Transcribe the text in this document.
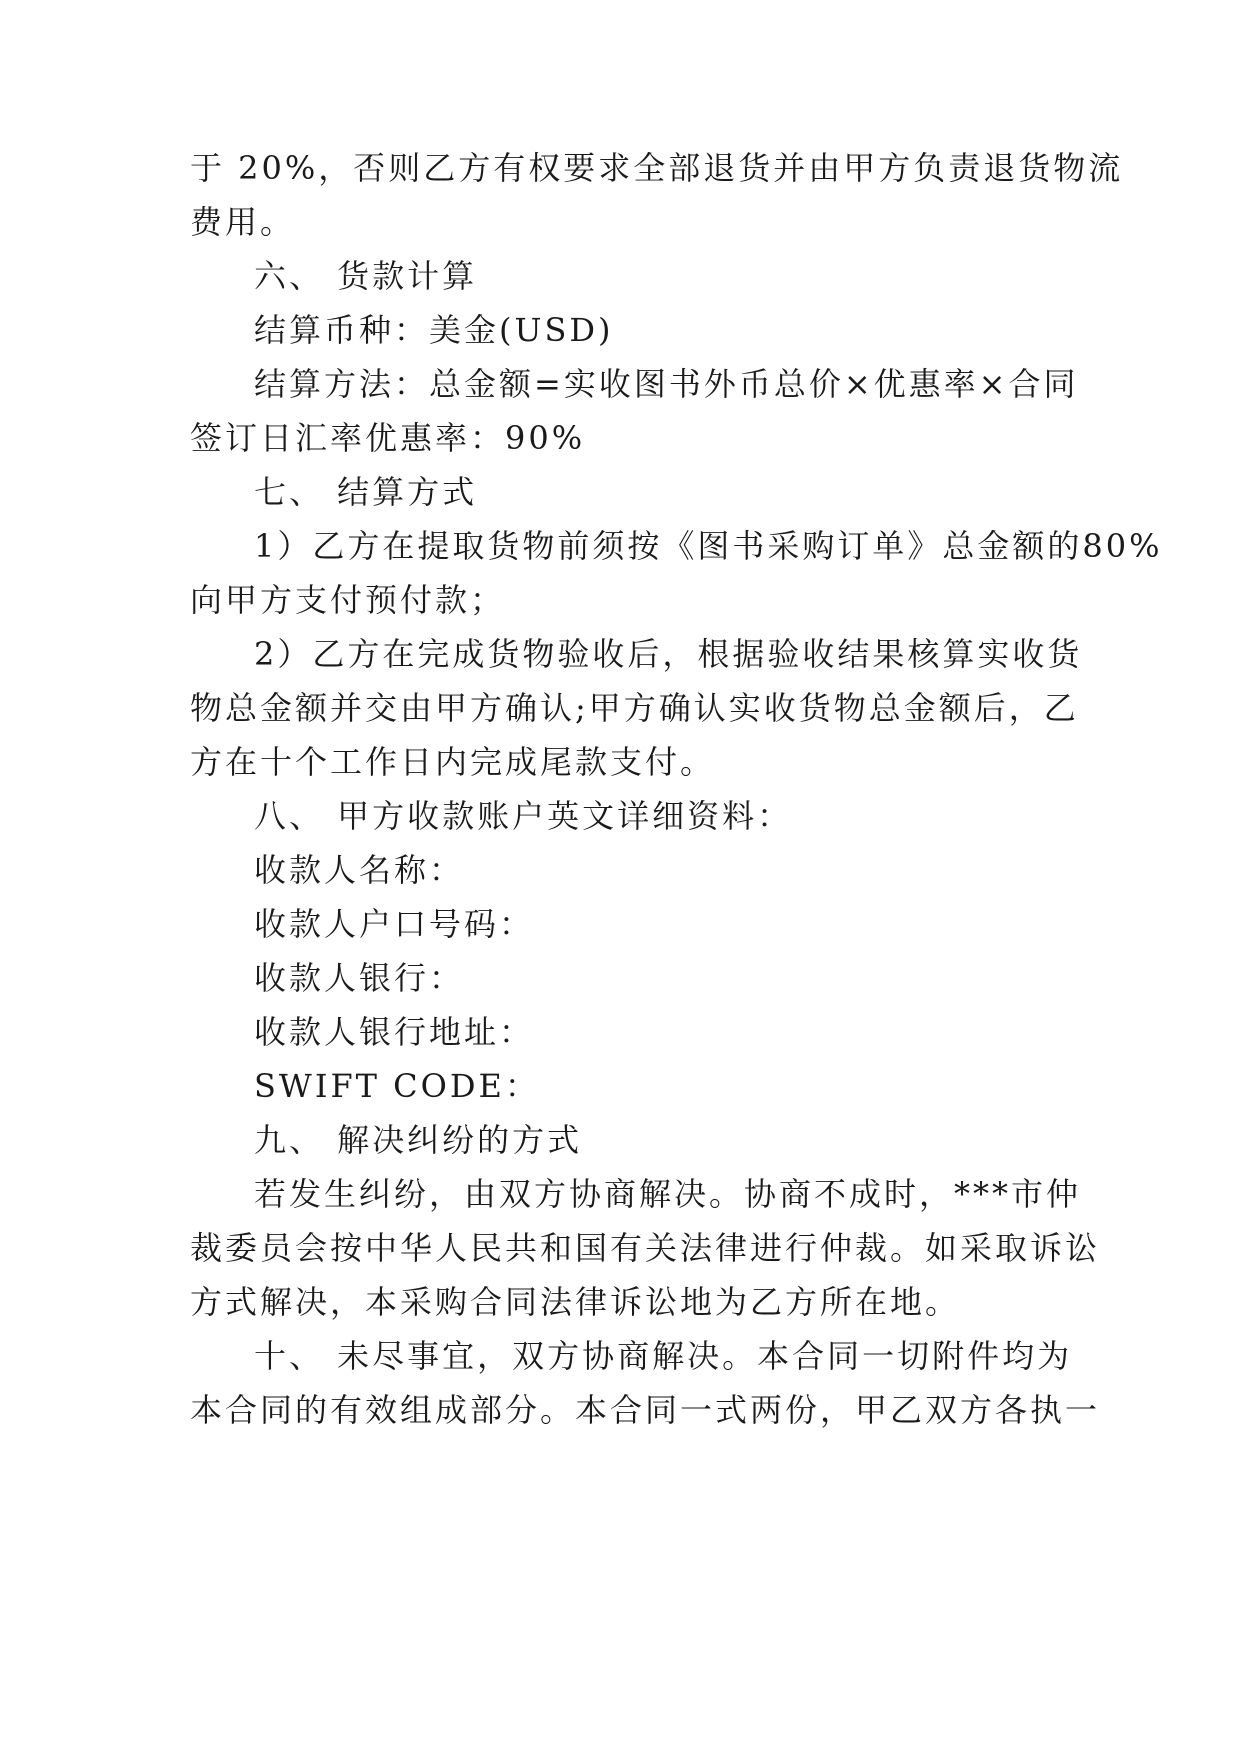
于 20%，否则乙方有权要求全部退货并由甲方负责退货物流
费用。
六、 货款计算
结算币种：美金(USD)
结算方法：总金额=实收图书外币总价×优惠率×合同
签订日汇率优惠率：90%
七、 结算方式
1）乙方在提取货物前须按《图书采购订单》总金额的80%
向甲方支付预付款；
2）乙方在完成货物验收后，根据验收结果核算实收货
物总金额并交由甲方确认;甲方确认实收货物总金额后，乙
方在十个工作日内完成尾款支付。
八、 甲方收款账户英文详细资料：
收款人名称：
收款人户口号码：
收款人银行：
收款人银行地址：
SWIFT CODE：
九、 解决纠纷的方式
若发生纠纷，由双方协商解决。协商不成时，***市仲
裁委员会按中华人民共和国有关法律进行仲裁。如采取诉讼
方式解决，本采购合同法律诉讼地为乙方所在地。
十、 未尽事宜，双方协商解决。本合同一切附件均为
本合同的有效组成部分。本合同一式两份，甲乙双方各执一
